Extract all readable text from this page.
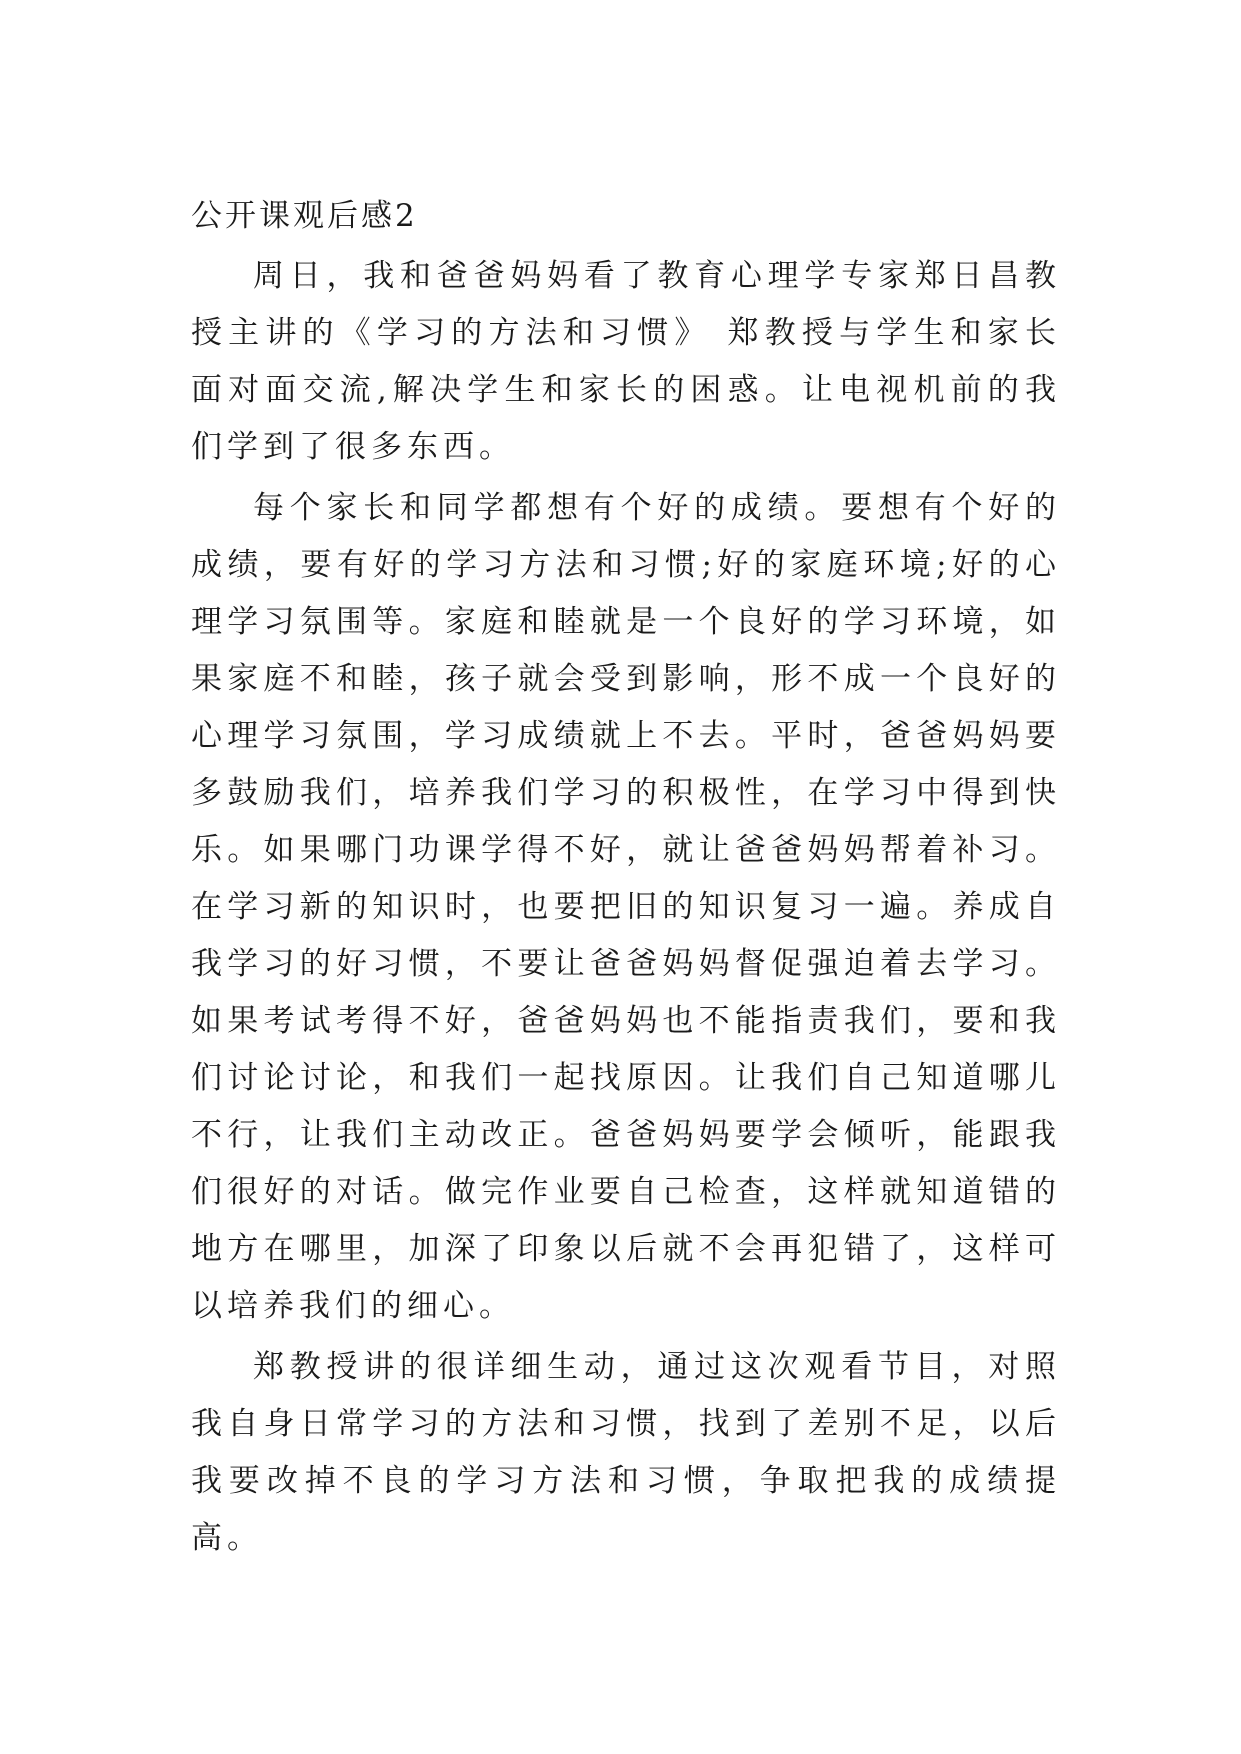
公开课观后感2

周日，我和爸爸妈妈看了教育心理学专家郑日昌教授主讲的《学习的方法和习惯》 郑教授与学生和家长面对面交流,解决学生和家长的困惑。让电视机前的我们学到了很多东西。

每个家长和同学都想有个好的成绩。要想有个好的成绩，要有好的学习方法和习惯;好的家庭环境;好的心理学习氛围等。家庭和睦就是一个良好的学习环境，如果家庭不和睦，孩子就会受到影响，形不成一个良好的心理学习氛围，学习成绩就上不去。平时，爸爸妈妈要多鼓励我们，培养我们学习的积极性，在学习中得到快乐。如果哪门功课学得不好，就让爸爸妈妈帮着补习。在学习新的知识时，也要把旧的知识复习一遍。养成自我学习的好习惯，不要让爸爸妈妈督促强迫着去学习。如果考试考得不好，爸爸妈妈也不能指责我们，要和我们讨论讨论，和我们一起找原因。让我们自己知道哪儿不行，让我们主动改正。爸爸妈妈要学会倾听，能跟我们很好的对话。做完作业要自己检查，这样就知道错的地方在哪里，加深了印象以后就不会再犯错了，这样可以培养我们的细心。

郑教授讲的很详细生动，通过这次观看节目，对照我自身日常学习的方法和习惯，找到了差别不足，以后我要改掉不良的学习方法和习惯，争取把我的成绩提高。
